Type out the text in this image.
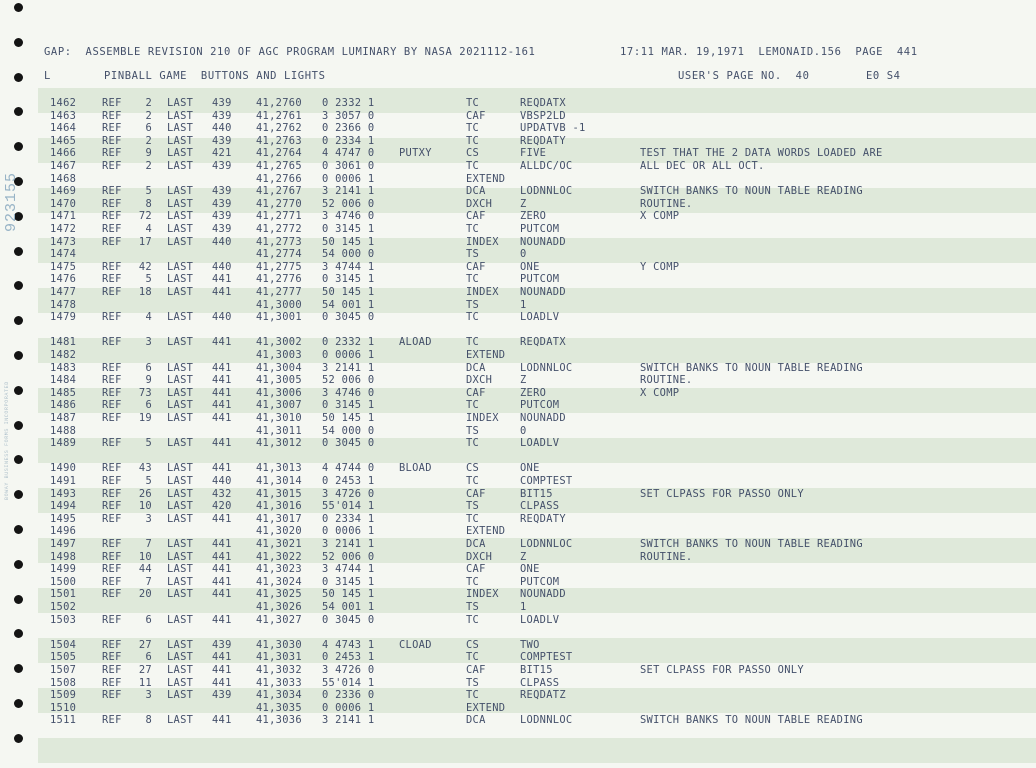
923155
BOWAY BUSINESS FORMS INCORPORATED
GAP:  ASSEMBLE REVISION 210 OF AGC PROGRAM LUMINARY BY NASA 2021112-161	17:11 MAR. 19,1971  LEMONAID.156  PAGE  441
L	PINBALL GAME  BUTTONS AND LIGHTS	USER'S PAGE NO.  40	E0 S4
1462 REF	2 LAST 439 41,2760 0 2332 1	TC	REQDATX
1463 REF	2 LAST 439 41,2761 3 3057 0	CAF	VBSP2LD
1464 REF	6 LAST 440 41,2762 0 2366 0	TC	UPDATVB -1
1465 REF	2 LAST 439 41,2763 0 2334 1	TC	REQDATY
1466 REF	9 LAST 421 41,2764 4 4747 0 PUTXY	CS	FIVE	TEST THAT THE 2 DATA WORDS LOADED ARE
1467 REF	2 LAST 439 41,2765 0 3061 0	TC	ALLDC/OC	ALL DEC OR ALL OCT.
1468	41,2766 0 0006 1	EXTEND
1469 REF	5 LAST 439 41,2767 3 2141 1	DCA	LODNNLOC	SWITCH BANKS TO NOUN TABLE READING
1470 REF	8 LAST 439 41,2770 52 006 0	DXCH	Z	ROUTINE.
1471 REF	72 LAST 439 41,2771 3 4746 0	CAF	ZERO	X COMP
1472 REF	4 LAST 439 41,2772 0 3145 1	TC	PUTCOM
1473 REF	17 LAST 440 41,2773 50 145 1	INDEX NOUNADD
1474	41,2774 54 000 0	TS	0
1475 REF	42 LAST 440 41,2775 3 4744 1	CAF	ONE	Y COMP
1476 REF	5 LAST 441 41,2776 0 3145 1	TC	PUTCOM
1477 REF	18 LAST 441 41,2777 50 145 1	INDEX NOUNADD
1478	41,3000 54 001 1	TS	1
1479 REF	4 LAST 440 41,3001 0 3045 0	TC	LOADLV
1481 REF	3 LAST 441 41,3002 0 2332 1 ALOAD	TC	REQDATX
1482	41,3003 0 0006 1	EXTEND
1483 REF	6 LAST 441 41,3004 3 2141 1	DCA	LODNNLOC	SWITCH BANKS TO NOUN TABLE READING
1484 REF	9 LAST 441 41,3005 52 006 0	DXCH	Z	ROUTINE.
1485 REF	73 LAST 441 41,3006 3 4746 0	CAF	ZERO	X COMP
1486 REF	6 LAST 441 41,3007 0 3145 1	TC	PUTCOM
1487 REF	19 LAST 441 41,3010 50 145 1	INDEX NOUNADD
1488	41,3011 54 000 0	TS	0
1489 REF	5 LAST 441 41,3012 0 3045 0	TC	LOADLV
1490 REF	43 LAST 441 41,3013 4 4744 0 BLOAD	CS	ONE
1491 REF	5 LAST 440 41,3014 0 2453 1	TC	COMPTEST
1493 REF	26 LAST 432 41,3015 3 4726 0	CAF	BIT15	SET CLPASS FOR PASSO ONLY
1494 REF	10 LAST 420 41,3016 55'014 1	TS	CLPASS
1495 REF	3 LAST 441 41,3017 0 2334 1	TC	REQDATY
1496	41,3020 0 0006 1	EXTEND
1497 REF	7 LAST 441 41,3021 3 2141 1	DCA	LODNNLOC	SWITCH BANKS TO NOUN TABLE READING
1498 REF	10 LAST 441 41,3022 52 006 0	DXCH	Z	ROUTINE.
1499 REF	44 LAST 441 41,3023 3 4744 1	CAF	ONE
1500 REF	7 LAST 441 41,3024 0 3145 1	TC	PUTCOM
1501 REF	20 LAST 441 41,3025 50 145 1	INDEX NOUNADD
1502	41,3026 54 001 1	TS	1
1503 REF	6 LAST 441 41,3027 0 3045 0	TC	LOADLV
1504 REF	27 LAST 439 41,3030 4 4743 1 CLOAD	CS	TWO
1505 REF	6 LAST 441 41,3031 0 2453 1	TC	COMPTEST
1507 REF	27 LAST 441 41,3032 3 4726 0	CAF	BIT15	SET CLPASS FOR PASSO ONLY
1508 REF	11 LAST 441 41,3033 55'014 1	TS	CLPASS
1509 REF	3 LAST 439 41,3034 0 2336 0	TC	REQDATZ
1510	41,3035 0 0006 1	EXTEND
1511 REF	8 LAST 441 41,3036 3 2141 1	DCA	LODNNLOC	SWITCH BANKS TO NOUN TABLE READING
